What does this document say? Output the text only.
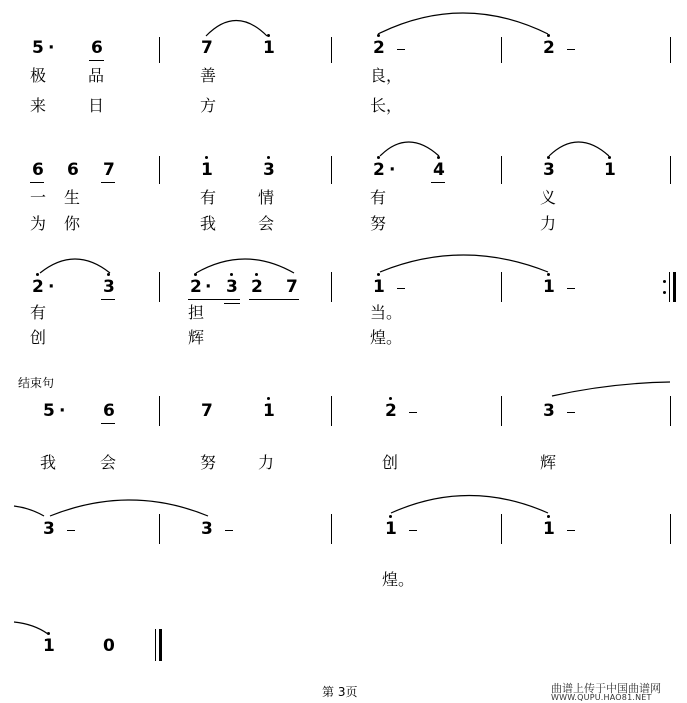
5 · 6	7	1	2	2
极	品	善	良，
来	日	方	长，
6 6 7	1	3	2 · 4	3	1
一 生	有	情	有	义
为 你	我	会	努	力
2 ·	3	2 · 3 2 7	1	1
有	担	当。
创	辉	煌。
结束句
5 · 6	7	1	2	3
我	会	努	力	创	辉
3	3	1	1
煌。
1	0
第 3页	曲谱上传于中国曲谱网
WWW.QUPU.HAO81.NET
